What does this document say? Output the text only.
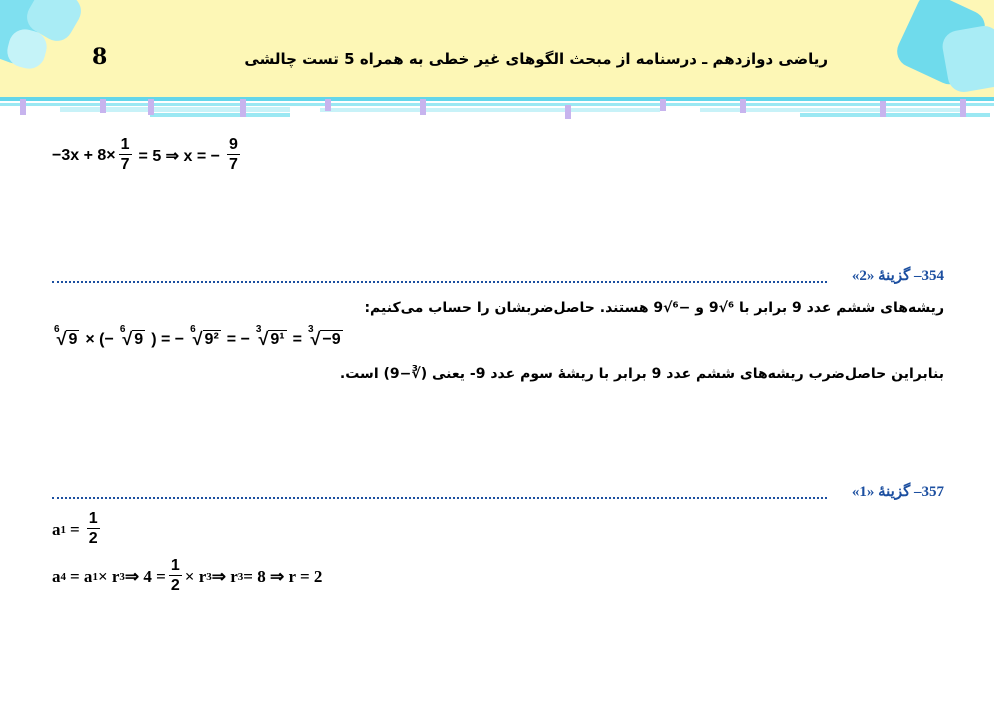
8	ریاضی دوازدهم ـ درسنامه از مبحث الگوهای غیر خطی به همراه 5 تست چالشی
$-3x + 8\times \frac{1}{7} = 5$ ⇒ x = − $\frac{9}{7}$
354– گزینهٔ «2»
ریشه‌های ششم عدد 9 برابر با ⁶√9 و −⁶√9 هستند. حاصل‌ضربشان را حساب می‌کنیم:
6
√ 9 × (−
6
√ 9 ) = −
6
√ 9² = −
3
√ 9¹ =
3
√ −9
بنابراین حاصل‌ضرب ریشه‌های ششم عدد 9 برابر با ریشهٔ سوم عدد 9- یعنی (∛−9) است.
357– گزینهٔ «1»
a $1 = \frac{1}{2}$
a 4 = a 1 × r 3 ⇒ $4 = \frac{1}{2} \times r$ 3 ⇒ r 3 = 8 ⇒ r = 2
